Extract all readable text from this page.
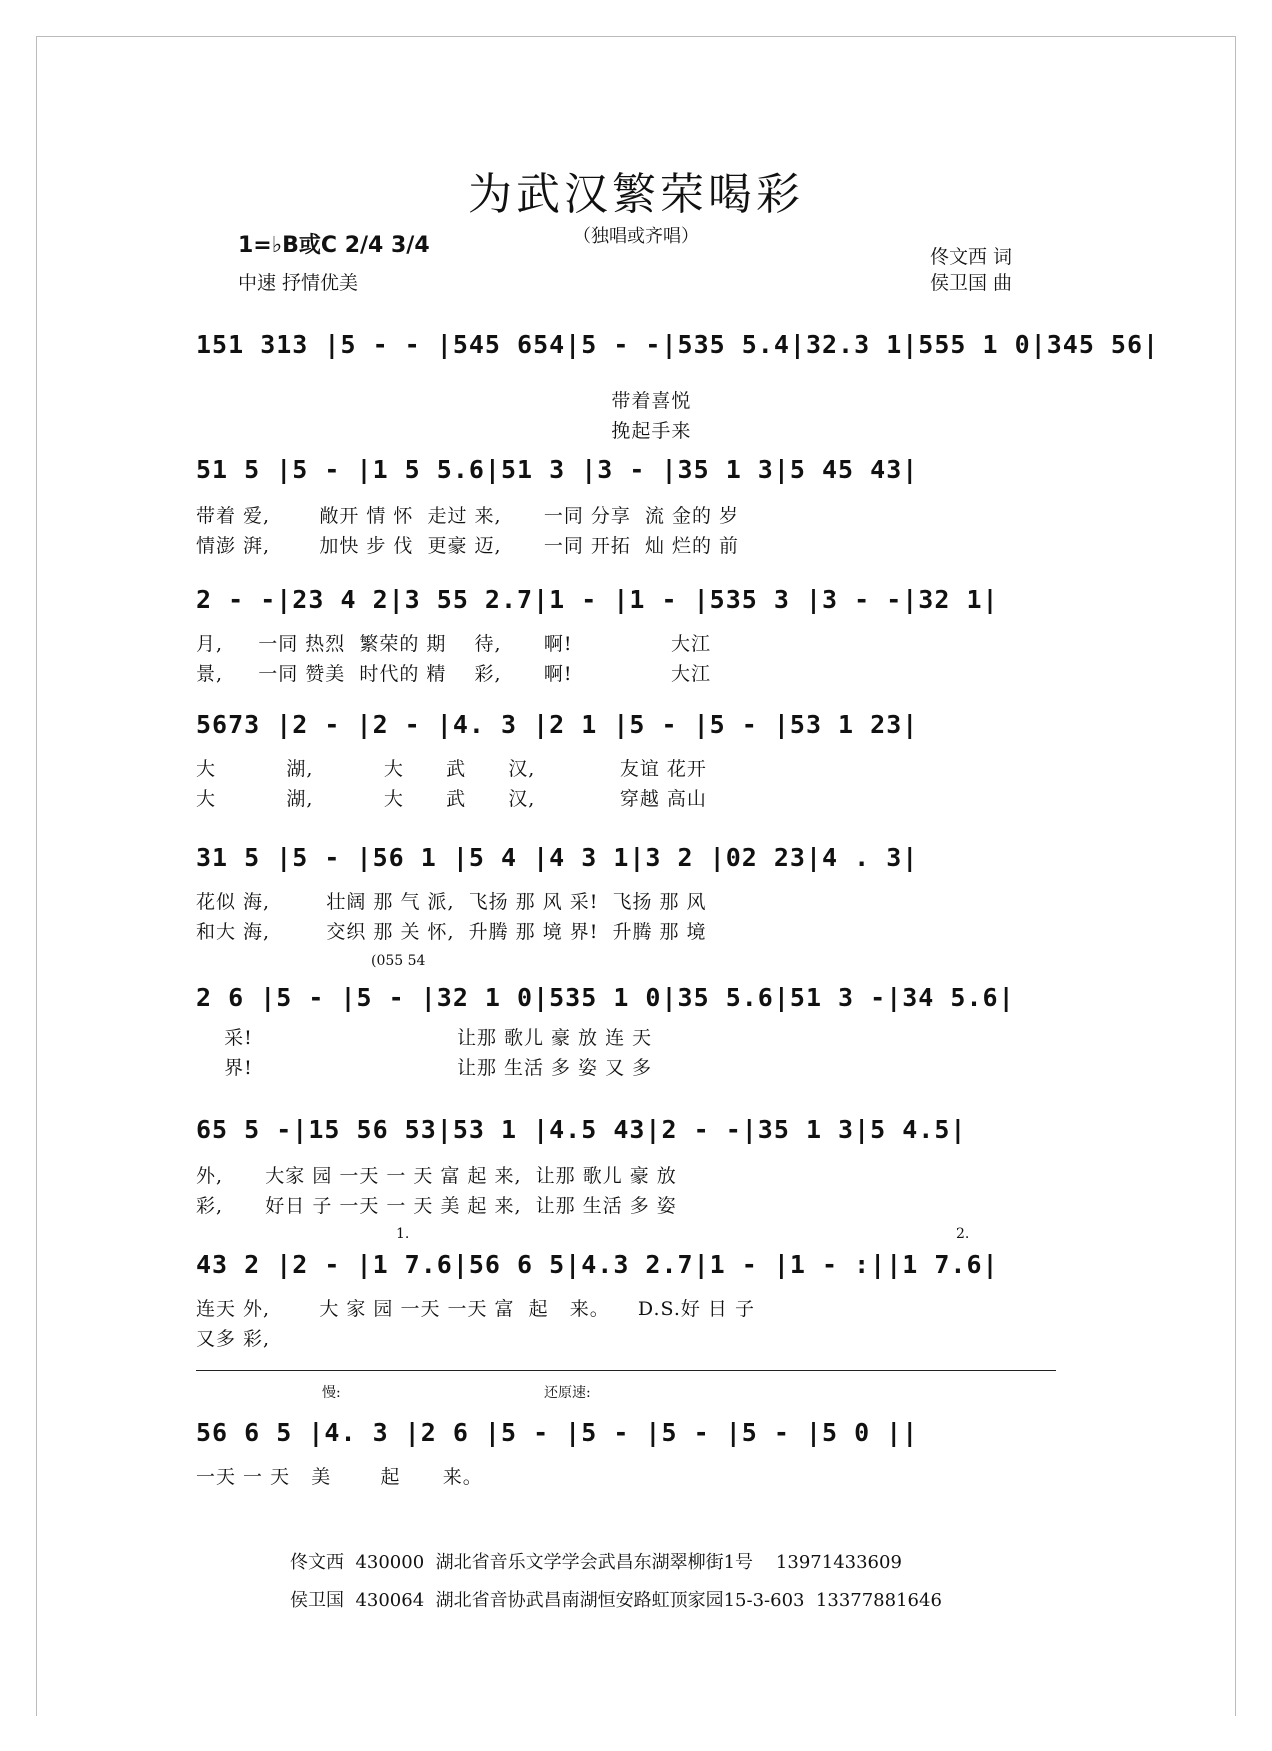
为武汉繁荣喝彩
（独唱或齐唱）
1=♭B或C 2/4 3/4
中速 抒情优美
佟文西 词
侯卫国 曲
151 313 |5 - - |545 654|5 - -|535 5.4|32.3 1|555 1 0|345 56|
带着喜悦
挽起手来
51 5 |5 - |1 5 5.6|51 3 |3 - |35 1 3|5 45 43|
带着 爱,       敞开 情 怀  走过 来,      一同 分享  流 金的 岁
情澎 湃,       加快 步 伐  更豪 迈,      一同 开拓  灿 烂的 前
2 - -|23 4 2|3 55 2.7|1 - |1 - |535 3 |3 - -|32 1|
月,     一同 热烈  繁荣的 期    待,      啊!              大江
景,     一同 赞美  时代的 精    彩,      啊!              大江
5673 |2 - |2 - |4. 3 |2 1 |5 - |5 - |53 1 23|
大          湖,          大      武      汉,            友谊 花开
大          湖,          大      武      汉,            穿越 高山
31 5 |5 - |56 1 |5 4 |4 3 1|3 2 |02 23|4 . 3|
花似 海,        壮阔 那 气 派,  飞扬 那 风 采!  飞扬 那 风
和大 海,        交织 那 关 怀,  升腾 那 境 界!  升腾 那 境
(055 54
2 6 |5 - |5 - |32 1 0|535 1 0|35 5.6|51 3 -|34 5.6|
采!                             让那 歌儿 豪 放 连 天
界!                             让那 生活 多 姿 又 多
65 5 -|15 56 53|53 1 |4.5 43|2 - -|35 1 3|5 4.5|
外,      大家 园 一天 一 天 富 起 来,  让那 歌儿 豪 放
彩,      好日 子 一天 一 天 美 起 来,  让那 生活 多 姿
1.	2.
43 2 |2 - |1 7.6|56 6 5|4.3 2.7|1 - |1 - :||1 7.6|
连天 外,       大 家 园 一天 一天 富  起   来。    D.S.好 日 子
又多 彩,
慢:	还原速:
56 6 5 |4. 3 |2 6 |5 - |5 - |5 - |5 - |5 0 ||
一天 一 天   美       起      来。
佟文西  430000  湖北省音乐文学学会武昌东湖翠柳街1号    13971433609
侯卫国  430064  湖北省音协武昌南湖恒安路虹顶家园15-3-603  13377881646
